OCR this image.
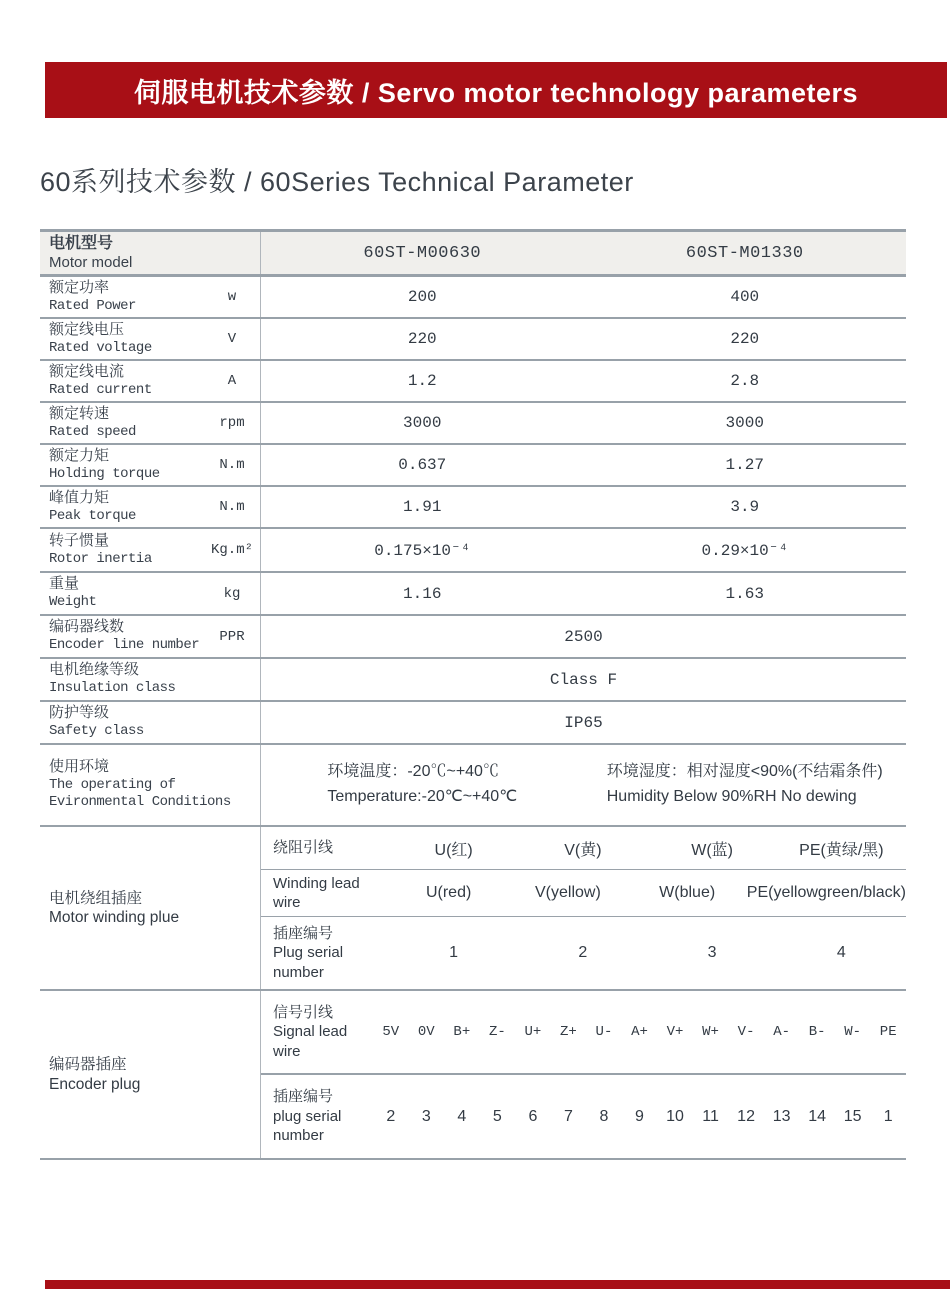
伺服电机技术参数 / Servo motor technology parameters
60系列技术参数 / 60Series Technical Parameter
电机型号
Motor model	60ST-M00630	60ST-M01330
额定功率
Rated Power
w	200	400
额定线电压
Rated voltage
V	220	220
额定线电流
Rated current
A	1.2	2.8
额定转速
Rated speed
rpm	3000	3000
额定力矩
Holding torque
N.m	0.637	1.27
峰值力矩
Peak torque
N.m	1.91	3.9
转子惯量
Rotor inertia
Kg.m²	0.175×10⁻⁴	0.29×10⁻⁴
重量
Weight
kg	1.16	1.63
编码器线数
Encoder line number
PPR	2500
电机绝缘等级
Insulation class	Class F
防护等级
Safety class	IP65
使用环境
The operating of
Evironmental Conditions
环境温度：-20℃~+40℃
Temperature:-20℃~+40℃
环境湿度：相对湿度<90%(不结霜条件)
Humidity Below 90%RH No dewing
电机绕组插座
Motor winding plue
绕阻引线	U(红)	V(黄)	W(蓝)	PE(黄绿/黑)
Winding lead wire
U(red)	V(yellow)	W(blue)	PE(yellowgreen/black)
插座编号
Plug serial number
1	2	3	4
编码器插座
Encoder plug
信号引线
Signal lead wire
5V	0V	B+	Z-	U+	Z+	U-	A+	V+	W+	V-	A-	B-	W-	PE
插座编号
plug serial number
2	3	4	5	6	7	8	9	10	11	12	13	14	15	1
